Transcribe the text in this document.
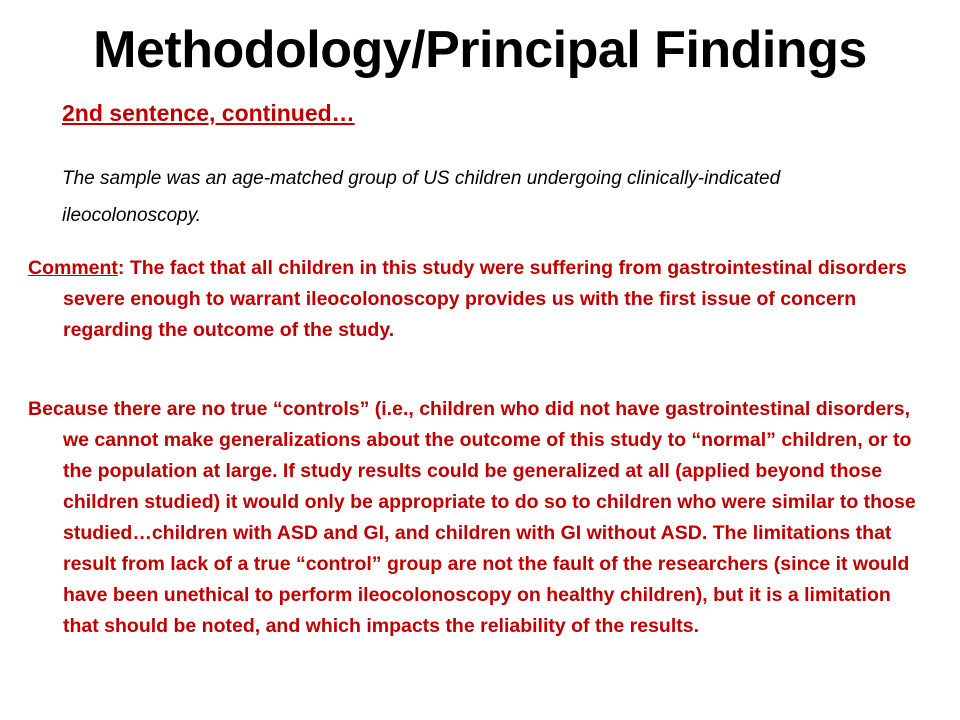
Methodology/Principal Findings
2nd sentence, continued…
The sample was an age-matched group of US children undergoing clinically-indicated ileocolonoscopy.
Comment: The fact that all children in this study were suffering from gastrointestinal disorders severe enough to warrant ileocolonoscopy provides us with the first issue of concern regarding the outcome of the study.
Because there are no true “controls” (i.e., children who did not have gastrointestinal disorders, we cannot make generalizations about the outcome of this study to “normal” children, or to the population at large. If study results could be generalized at all (applied beyond those children studied) it would only be appropriate to do so to children who were similar to those studied…children with ASD and GI, and children with GI without ASD. The limitations that result from lack of a true “control” group are not the fault of the researchers (since it would have been unethical to perform ileocolonoscopy on healthy children), but it is a limitation that should be noted, and which impacts the reliability of the results.
